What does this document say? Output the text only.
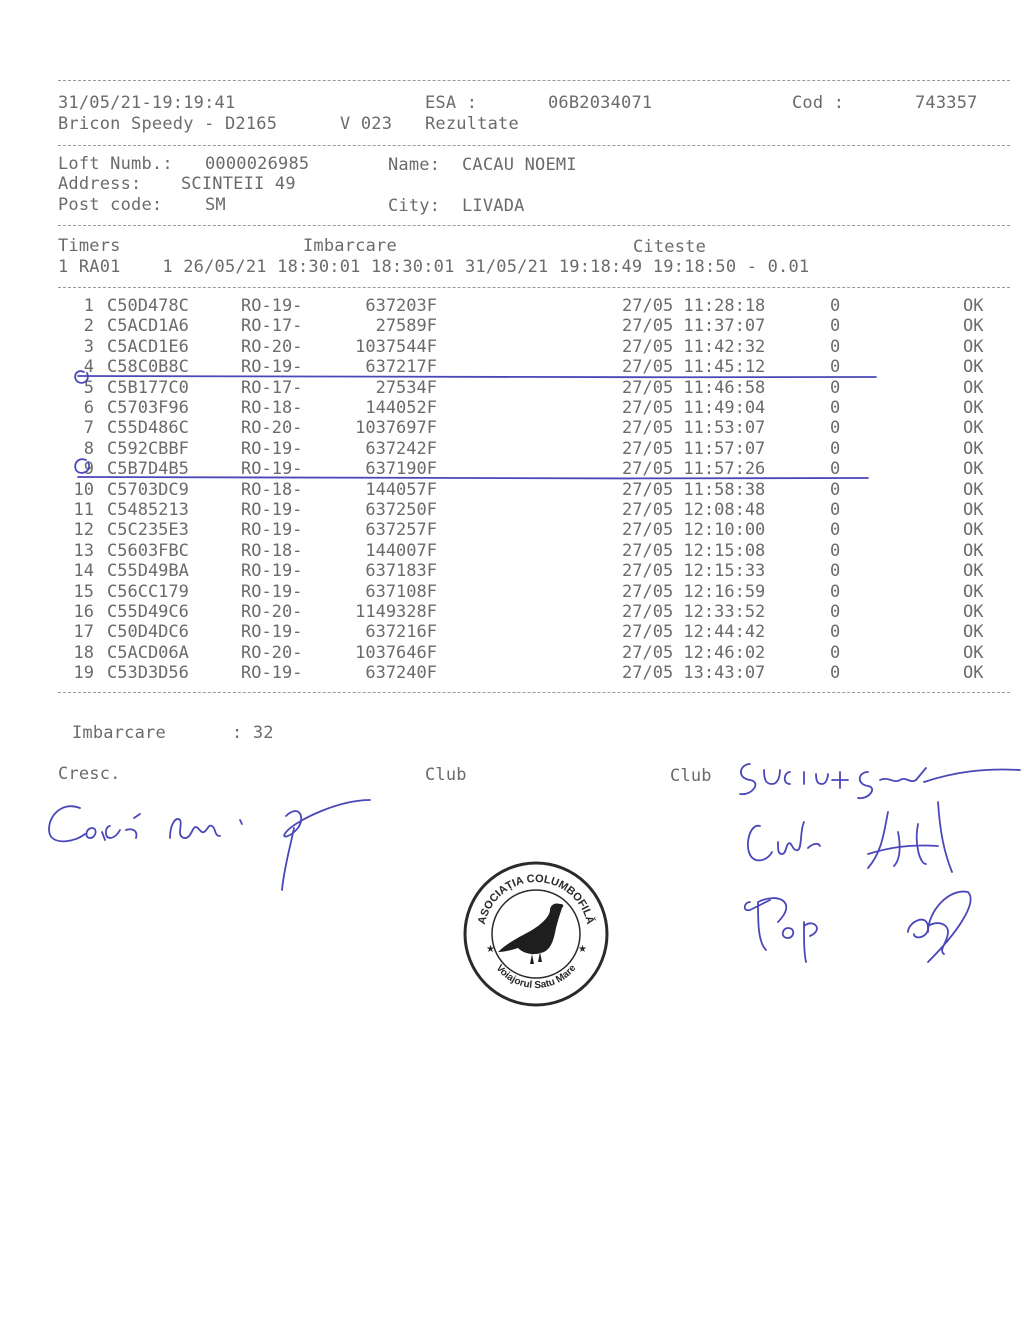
31/05/21-19:19:41	ESA :	06B2034071	Cod :	743357
Bricon Speedy - D2165	V 023 Rezultate
Loft Numb.: 0000026985	Name: CACAU NOEMI
Address: SCINTEII 49
Post code:	SM	City: LIVADA
Timers	Imbarcare	Citeste
1 RA01    1 26/05/21 18:30:01 18:30:01 31/05/21 19:18:49 19:18:50 - 0.01
1 C50D478C	RO-19-	637203F	27/05 11:28:18	0	OK
2 C5ACD1A6	RO-17-	27589F	27/05 11:37:07	0	OK
3 C5ACD1E6	RO-20-	1037544F	27/05 11:42:32	0	OK
4 C58C0B8C	RO-19-	637217F	27/05 11:45:12	0	OK
5 C5B177C0	RO-17-	27534F	27/05 11:46:58	0	OK
6 C5703F96	RO-18-	144052F	27/05 11:49:04	0	OK
7 C55D486C	RO-20-	1037697F	27/05 11:53:07	0	OK
8 C592CBBF	RO-19-	637242F	27/05 11:57:07	0	OK
9 C5B7D4B5	RO-19-	637190F	27/05 11:57:26	0	OK
10 C5703DC9	RO-18-	144057F	27/05 11:58:38	0	OK
11 C5485213	RO-19-	637250F	27/05 12:08:48	0	OK
12 C5C235E3	RO-19-	637257F	27/05 12:10:00	0	OK
13 C5603FBC	RO-18-	144007F	27/05 12:15:08	0	OK
14 C55D49BA	RO-19-	637183F	27/05 12:15:33	0	OK
15 C56CC179	RO-19-	637108F	27/05 12:16:59	0	OK
16 C55D49C6	RO-20-	1149328F	27/05 12:33:52	0	OK
17 C50D4DC6	RO-19-	637216F	27/05 12:44:42	0	OK
18 C5ACD06A	RO-20-	1037646F	27/05 12:46:02	0	OK
19 C53D3D56	RO-19-	637240F	27/05 13:43:07	0	OK
Imbarcare	: 32
Cresc.	Club	Club
ASOCIAȚIA COLUMBOFILĂ
Voiajorul Satu Mare
★	★
